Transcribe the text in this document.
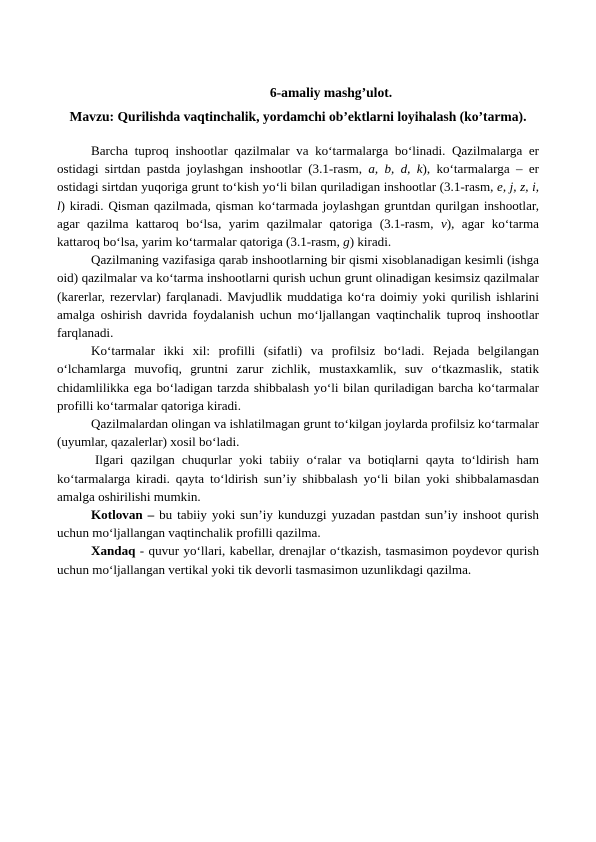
6-amaliy mashg’ulot.
Mavzu: Qurilishda vaqtinchalik, yordamchi ob’ektlarni loyihalash (ko’tarma).

Barcha tuproq inshootlar qazilmalar va ko‘tarmalarga bo‘linadi. Qazilmalarga er ostidagi sirtdan pastda joylashgan inshootlar (3.1-rasm, a, b, d, k), ko‘tarmalarga – er ostidagi sirtdan yuqoriga grunt to‘kish yo‘li bilan quriladigan inshootlar (3.1-rasm, e, j, z, i, l) kiradi. Qisman qazilmada, qisman ko‘tarmada joylashgan gruntdan qurilgan inshootlar, agar qazilma kattaroq bo‘lsa, yarim qazilmalar qatoriga (3.1-rasm, v), agar ko‘tarma kattaroq bo‘lsa, yarim ko‘tarmalar qatoriga (3.1-rasm, g) kiradi.

Qazilmaning vazifasiga qarab inshootlarning bir qismi xisoblanadigan kesimli (ishga oid) qazilmalar va ko‘tarma inshootlarni qurish uchun grunt olinadigan kesimsiz qazilmalar (karerlar, rezervlar) farqlanadi. Mavjudlik muddatiga ko‘ra doimiy yoki qurilish ishlarini amalga oshirish davrida foydalanish uchun mo‘ljallangan vaqtinchalik tuproq inshootlar farqlanadi.

Ko‘tarmalar ikki xil: profilli (sifatli) va profilsiz bo‘ladi. Rejada belgilangan o‘lchamlarga muvofiq, gruntni zarur zichlik, mustaxkamlik, suv o‘tkazmaslik, statik chidamlilikka ega bo‘ladigan tarzda shibbalash yo‘li bilan quriladigan barcha ko‘tarmalar profilli ko‘tarmalar qatoriga kiradi.

Qazilmalardan olingan va ishlatilmagan grunt to‘kilgan joylarda profilsiz ko‘tarmalar (uyumlar, qazalerlar) xosil bo‘ladi.

Ilgari qazilgan chuqurlar yoki tabiiy o‘ralar va botiqlarni qayta to‘ldirish ham ko‘tarmalarga kiradi. qayta to‘ldirish sun’iy shibbalash yo‘li bilan yoki shibbalamasdan amalga oshirilishi mumkin.

Kotlovan – bu tabiiy yoki sun’iy kunduzgi yuzadan pastdan sun’iy inshoot qurish uchun mo‘ljallangan vaqtinchalik profilli qazilma.

Xandaq - quvur yo‘llari, kabellar, drenajlar o‘tkazish, tasmasimon poydevor qurish uchun mo‘ljallangan vertikal yoki tik devorli tasmasimon uzunlikdagi qazilma.
